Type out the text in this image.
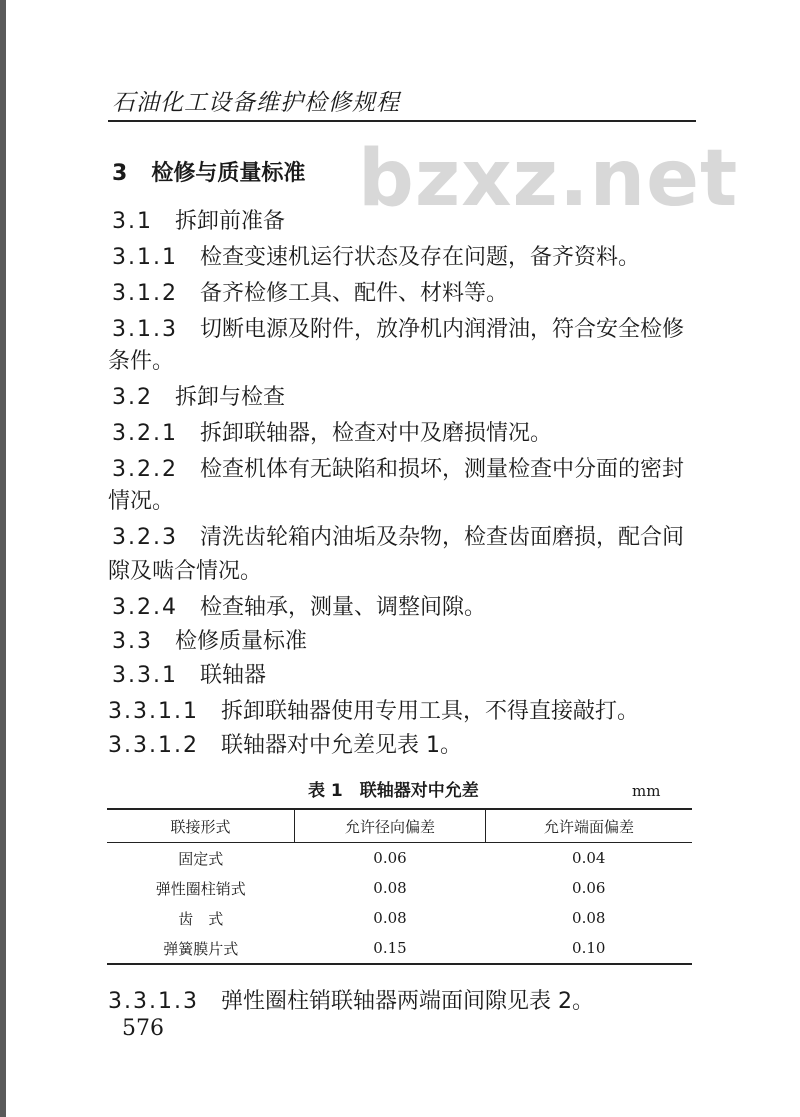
石油化工设备维护检修规程
bzxz.net
3  检修与质量标准
3.1  拆卸前准备
3.1.1  检查变速机运行状态及存在问题，备齐资料。
3.1.2  备齐检修工具、配件、材料等。
3.1.3  切断电源及附件，放净机内润滑油，符合安全检修
条件。
3.2  拆卸与检查
3.2.1  拆卸联轴器，检查对中及磨损情况。
3.2.2  检查机体有无缺陷和损坏，测量检查中分面的密封
情况。
3.2.3  清洗齿轮箱内油垢及杂物，检查齿面磨损，配合间
隙及啮合情况。
3.2.4  检查轴承，测量、调整间隙。
3.3  检修质量标准
3.3.1  联轴器
3.3.1.1  拆卸联轴器使用专用工具，不得直接敲打。
3.3.1.2  联轴器对中允差见表 1。
表 1　联轴器对中允差	mm
联接形式	允许径向偏差	允许端面偏差
固定式	0.06	0.04
弹性圈柱销式	0.08	0.06
齿　式	0.08	0.08
弹簧膜片式	0.15	0.10
3.3.1.3  弹性圈柱销联轴器两端面间隙见表 2。
576
